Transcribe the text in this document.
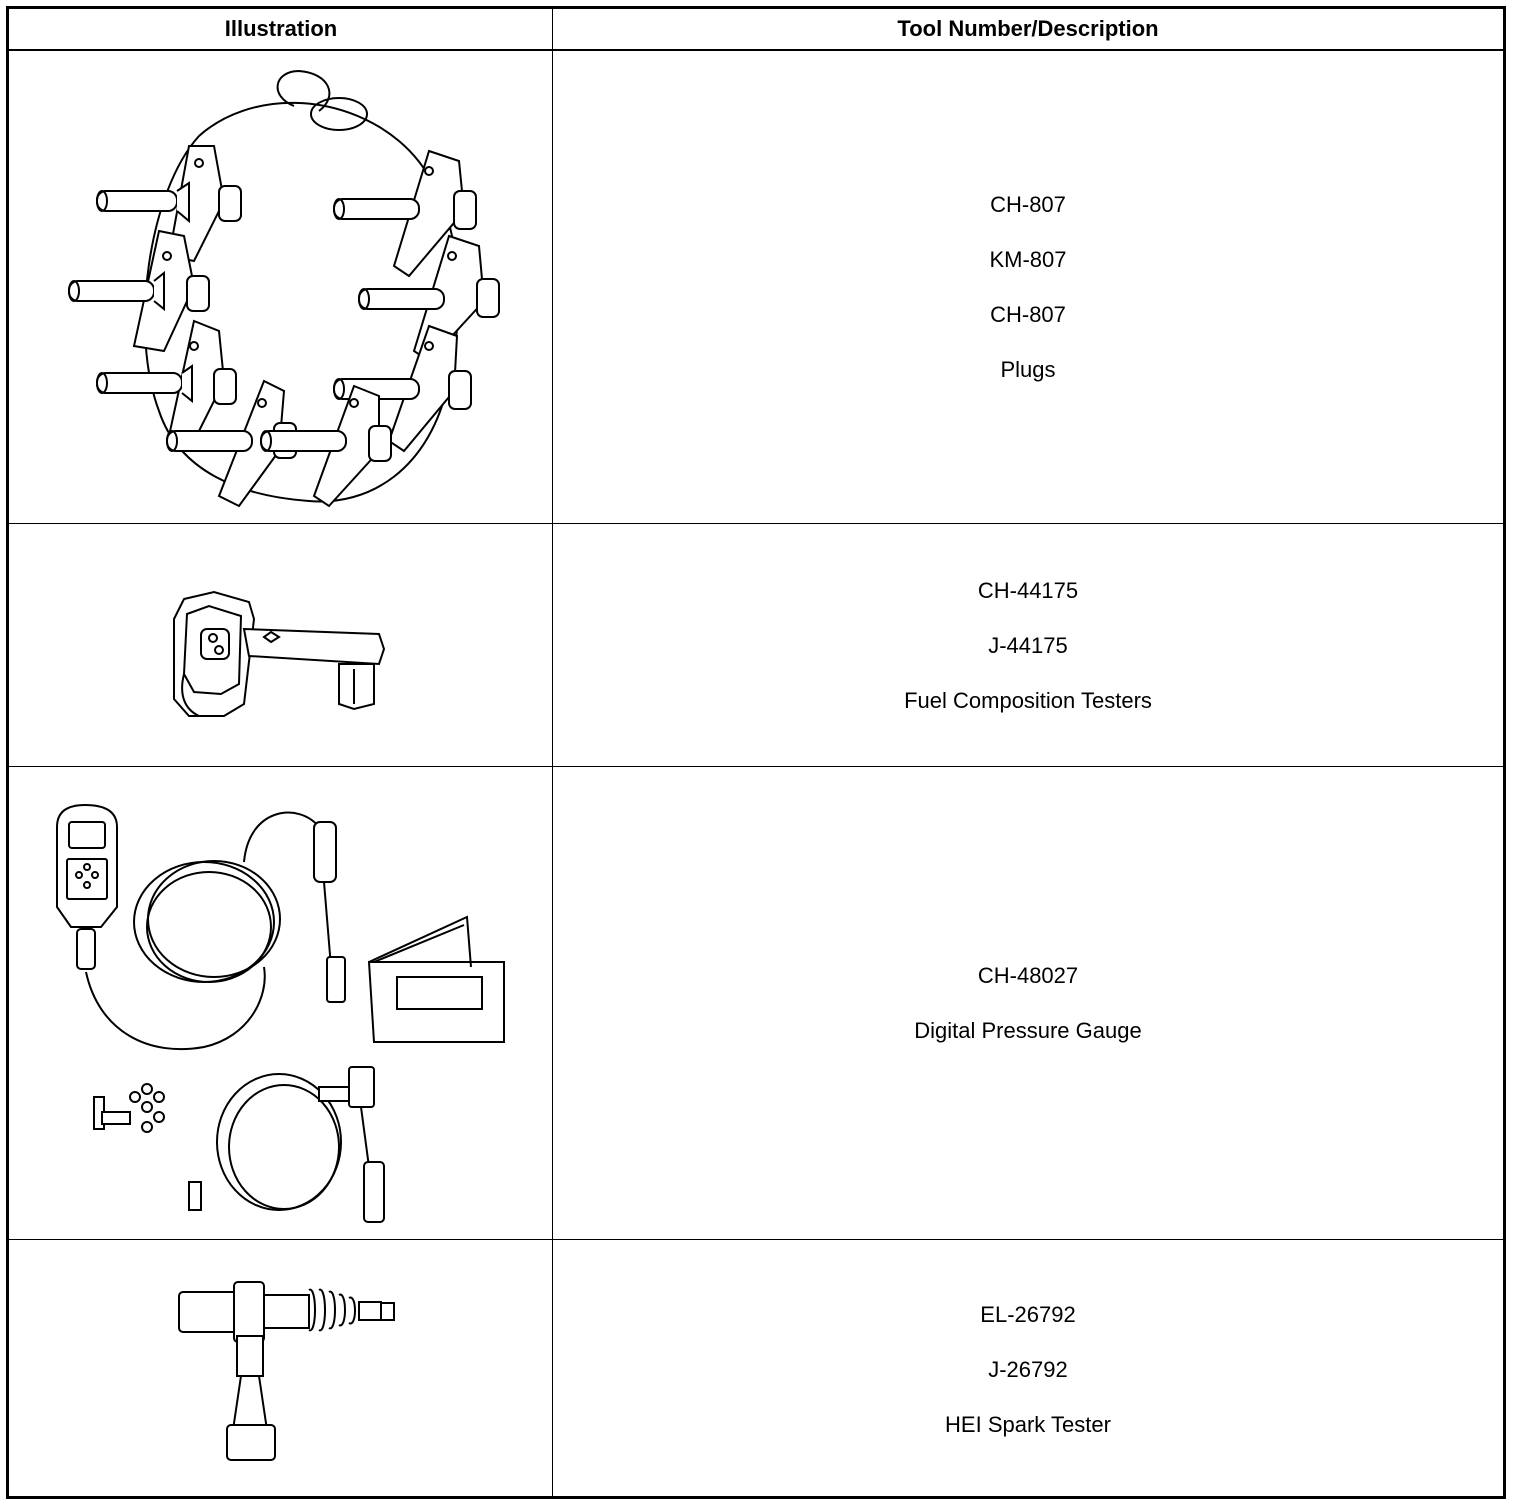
Illustration	Tool Number/Description
CH-807
KM-807
CH-807
Plugs
CH-44175
J-44175
Fuel Composition Testers
CH-48027
Digital Pressure Gauge
EL-26792
J-26792
HEI Spark Tester
